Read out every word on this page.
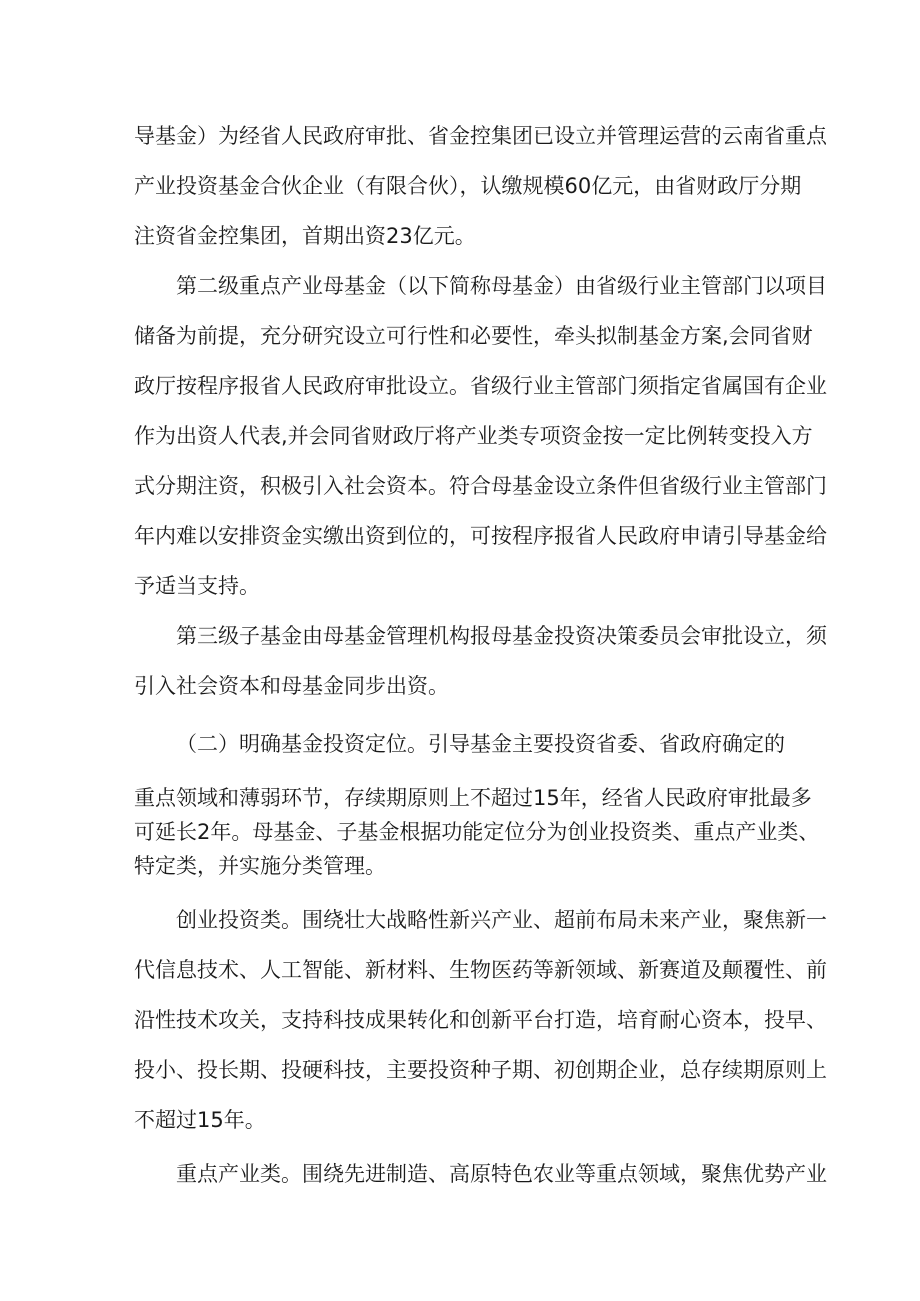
导基金）为经省人民政府审批、省金控集团已设立并管理运营的云南省重点
产业投资基金合伙企业（有限合伙），认缴规模60亿元，由省财政厅分期
注资省金控集团，首期出资23亿元。
第二级重点产业母基金（以下简称母基金）由省级行业主管部门以项目
储备为前提，充分研究设立可行性和必要性，牵头拟制基金方案,会同省财
政厅按程序报省人民政府审批设立。省级行业主管部门须指定省属国有企业
作为出资人代表,并会同省财政厅将产业类专项资金按一定比例转变投入方
式分期注资，积极引入社会资本。符合母基金设立条件但省级行业主管部门
年内难以安排资金实缴出资到位的，可按程序报省人民政府申请引导基金给
予适当支持。
第三级子基金由母基金管理机构报母基金投资决策委员会审批设立，须
引入社会资本和母基金同步出资。
（二）明确基金投资定位。引导基金主要投资省委、省政府确定的
重点领域和薄弱环节，存续期原则上不超过15年，经省人民政府审批最多
可延长2年。母基金、子基金根据功能定位分为创业投资类、重点产业类、
特定类，并实施分类管理。
创业投资类。围绕壮大战略性新兴产业、超前布局未来产业，聚焦新一
代信息技术、人工智能、新材料、生物医药等新领域、新赛道及颠覆性、前
沿性技术攻关，支持科技成果转化和创新平台打造，培育耐心资本，投早、
投小、投长期、投硬科技，主要投资种子期、初创期企业，总存续期原则上
不超过15年。
重点产业类。围绕先进制造、高原特色农业等重点领域，聚焦优势产业
